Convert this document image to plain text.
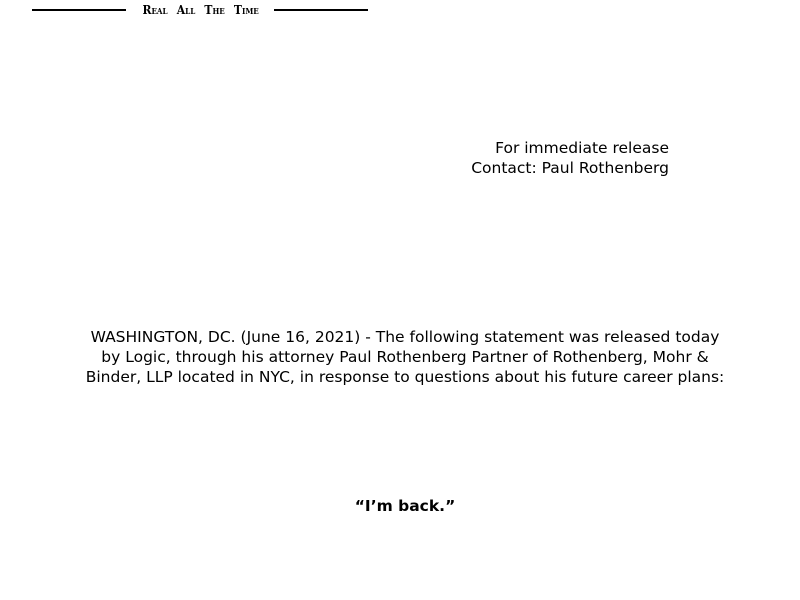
Real All The Time
For immediate release
Contact: Paul Rothenberg
WASHINGTON, DC. (June 16, 2021) - The following statement was released today
by Logic, through his attorney Paul Rothenberg Partner of Rothenberg, Mohr &
Binder, LLP located in NYC, in response to questions about his future career plans:
“I’m back.”
